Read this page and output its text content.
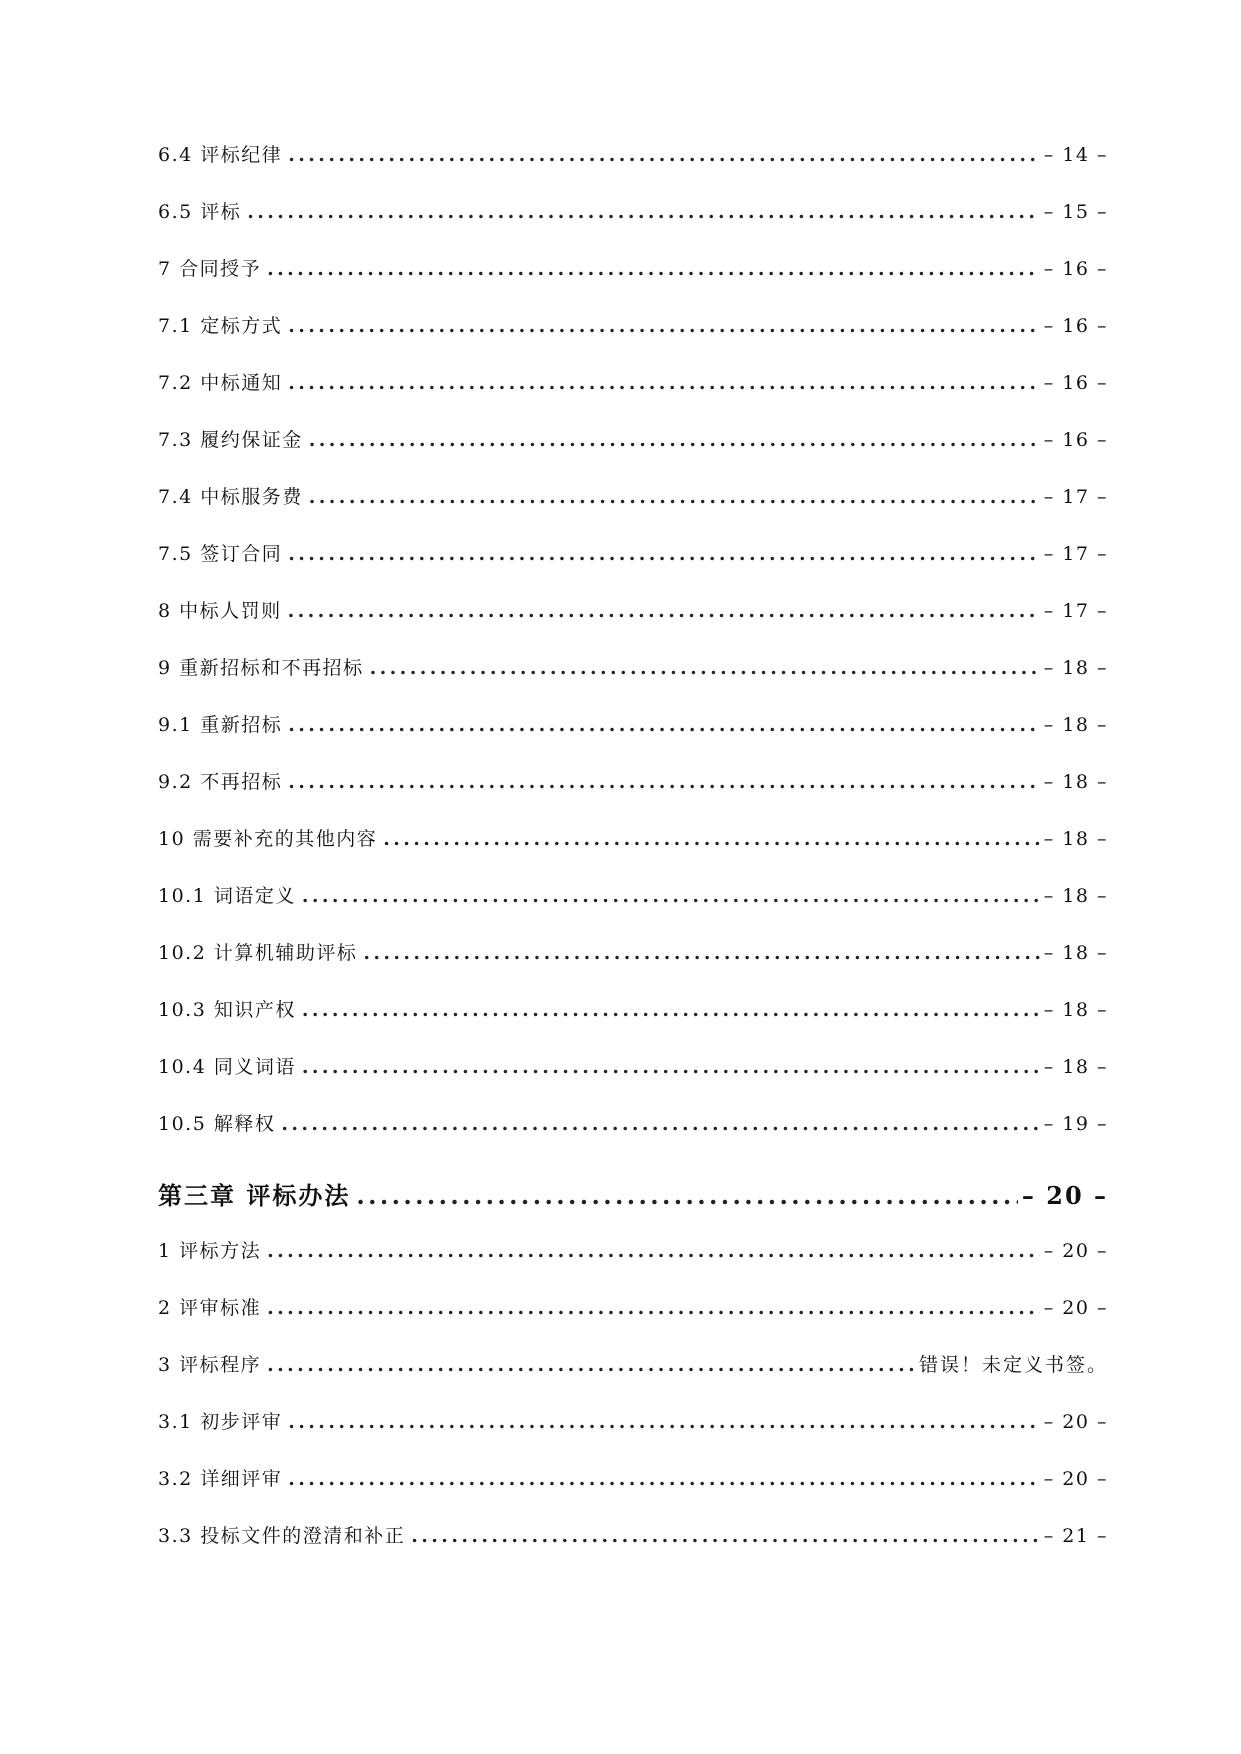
6.4 评标纪律 .....	– 14 –
6.5 评标 .....	– 15 –
7 合同授予 .....	– 16 –
7.1 定标方式 .....	– 16 –
7.2 中标通知 .....	– 16 –
7.3 履约保证金 .....	– 16 –
7.4 中标服务费 .....	– 17 –
7.5 签订合同 .....	– 17 –
8 中标人罚则 .....	– 17 –
9 重新招标和不再招标 .....	– 18 –
9.1 重新招标 .....	– 18 –
9.2 不再招标 .....	– 18 –
10 需要补充的其他内容 .....	– 18 –
10.1 词语定义 .....	– 18 –
10.2 计算机辅助评标 .....	– 18 –
10.3 知识产权 .....	– 18 –
10.4 同义词语 .....	– 18 –
10.5 解释权 .....	– 19 –
第三章 评标办法 .....	– 20 –
1 评标方法 .....	– 20 –
2 评审标准 .....	– 20 –
3 评标程序 .....	错误！未定义书签。
3.1 初步评审 .....	– 20 –
3.2 详细评审 .....	– 20 –
3.3 投标文件的澄清和补正 .....	– 21 –
